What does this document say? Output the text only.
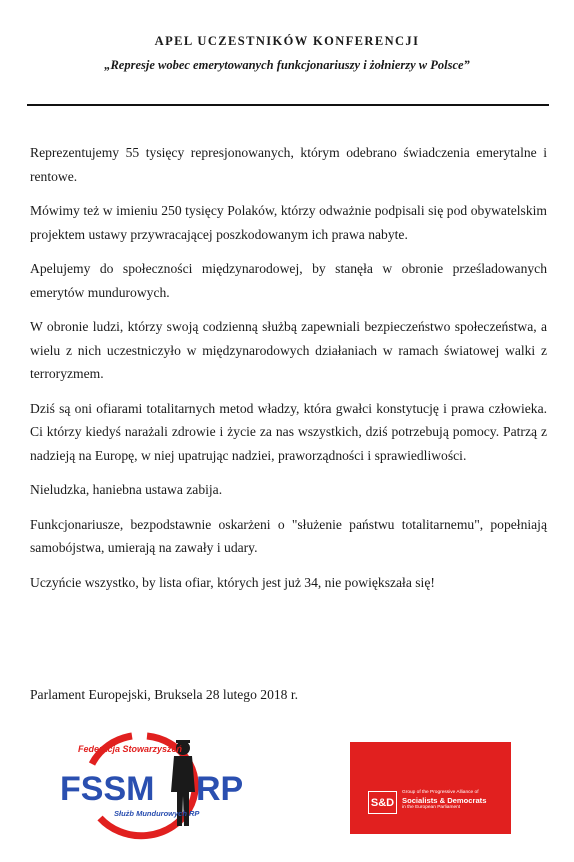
APEL UCZESTNIKÓW KONFERENCJI
„Represje wobec emerytowanych funkcjonariuszy i żołnierzy w Polsce”

Reprezentujemy 55 tysięcy represjonowanych, którym odebrano świadczenia emerytalne i rentowe.

Mówimy też w imieniu 250 tysięcy Polaków, którzy odważnie podpisali się pod obywatelskim projektem ustawy przywracającej poszkodowanym ich prawa nabyte.

Apelujemy do społeczności międzynarodowej, by stanęła w obronie prześladowanych emerytów mundurowych.

W obronie ludzi, którzy swoją codzienną służbą zapewniali bezpieczeństwo społeczeństwa, a wielu z nich uczestniczyło w międzynarodowych działaniach w ramach światowej walki z terroryzmem.

Dziś są oni ofiarami totalitarnych metod władzy, która gwałci konstytucję i prawa człowieka. Ci którzy kiedyś narażali zdrowie i życie za nas wszystkich, dziś potrzebują pomocy. Patrzą z nadzieją na Europę, w niej upatrując nadziei, praworządności i sprawiedliwości.

Nieludzka, haniebna ustawa zabija.

Funkcjonariusze, bezpodstawnie oskarżeni o "służenie państwu totalitarnemu", popełniają samobójstwa, umierają na zawały i udary.

Uczyńcie wszystko, by lista ofiar, których jest już 34, nie powiększała się!

Parlament Europejski, Bruksela 28 lutego 2018 r.
Federacja Stowarzyszeń
FSSM RP
Służb Mundurowych RP
S&D
Group of the Progressive Alliance of
Socialists & Democrats
in the European Parliament
